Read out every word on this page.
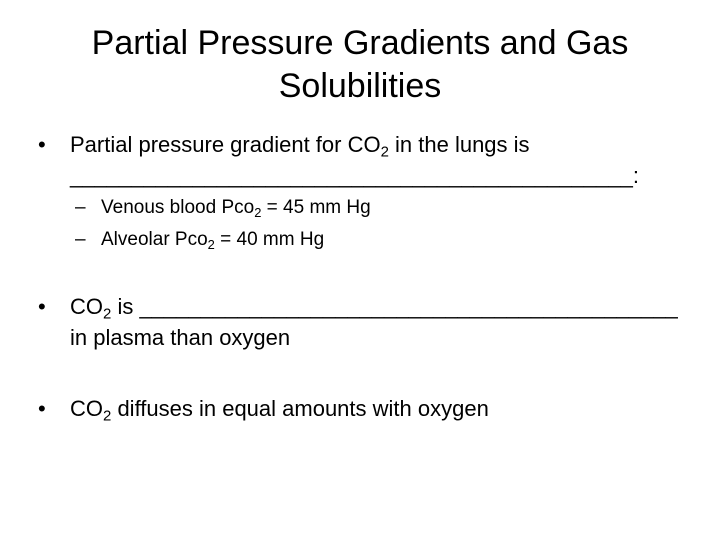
Partial Pressure Gradients and Gas
Solubilities
• Partial pressure gradient for $CO_2$ in the lungs is
______________________________________________:
– Venous blood Pco$_2$ = 45 mm Hg
– Alveolar Pco$_2$ = 40 mm Hg
• $CO_2$ is ____________________________________________
in plasma than oxygen
• $CO_2$ diffuses in equal amounts with oxygen
